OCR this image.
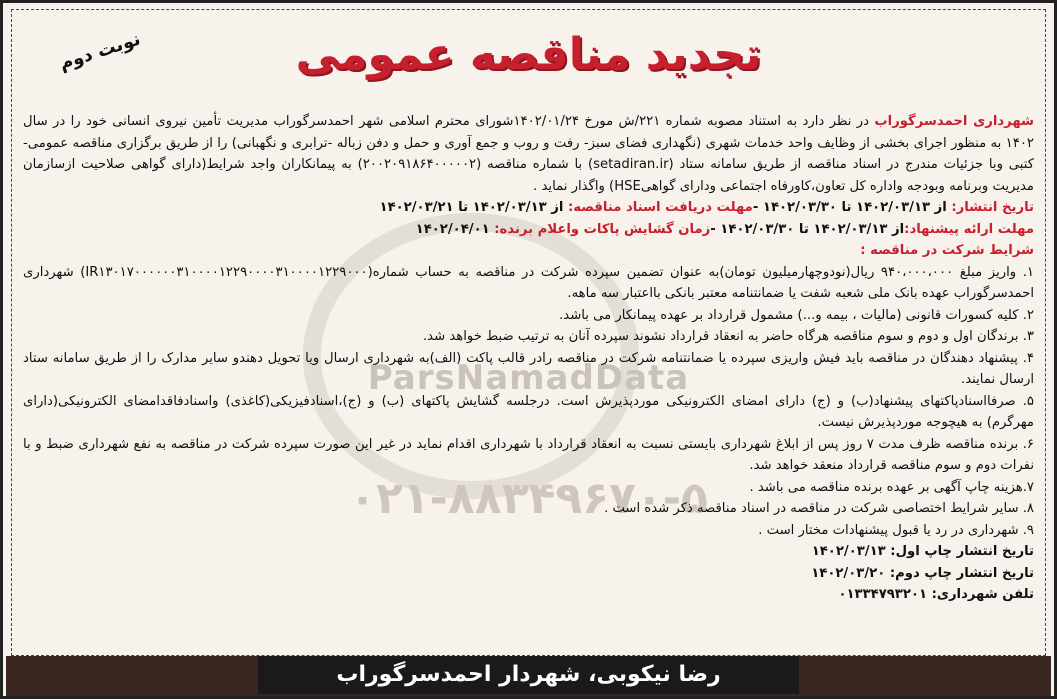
ParsNamadData
۰۲۱-۸۸۳۴۹۶۷۰-۵
نوبت دوم	تجدید مناقصه عمومی

شهرداری احمدسرگوراب در نظر دارد به استناد مصوبه شماره ۲۲۱/ش مورخ ۱۴۰۲/۰۱/۲۴شورای محترم اسلامی شهر احمدسرگوراب مدیریت تأمین نیروی انسانی خود را در سال ۱۴۰۲ به منظور اجرای بخشی از وظایف واحد خدمات شهری (نگهداری فضای سبز- رفت و روب و جمع آوری و حمل و دفن زباله -ترابری و نگهبانی) را از طریق برگزاری مناقصه عمومی-کتبی وبا جزئیات مندرج در اسناد مناقصه از طریق سامانه ستاد (setadiran.ir) با شماره مناقصه (۲۰۰۲۰۹۱۸۶۴۰۰۰۰۰۲) به پیمانکاران واجد شرایط(دارای گواهی صلاحیت ازسازمان مدیریت وبرنامه وبودجه واداره کل تعاون،کاورفاه اجتماعی ودارای گواهیHSE) واگذار نماید .

تاریخ انتشار: از ۱۴۰۲/۰۳/۱۳ تا ۱۴۰۲/۰۳/۳۰ -مهلت دریافت اسناد مناقصه: از ۱۴۰۲/۰۳/۱۳ تا ۱۴۰۲/۰۳/۲۱

مهلت ارائه پیشنهاد:از ۱۴۰۲/۰۳/۱۳ تا ۱۴۰۲/۰۳/۳۰ -زمان گشایش پاکات واعلام برنده: ۱۴۰۲/۰۴/۰۱

شرایط شرکت در مناقصه :

۱. واریز مبلغ ۹۴۰،۰۰۰،۰۰۰ ریال(نودوچهارمیلیون تومان)به عنوان تضمین سپرده شرکت در مناقصه به حساب شماره(IR۱۳۰۱۷۰۰۰۰۰۰۳۱۰۰۰۰۱۲۲۹۰۰۰۰۳۱۰۰۰۰۱۲۲۹۰۰۰) شهرداری احمدسرگوراب عهده بانک ملی شعبه شفت یا ضمانتنامه معتبر بانکی بااعتبار سه ماهه.

۲. کلیه کسورات قانونی (مالیات ، بیمه و...) مشمول قرارداد بر عهده پیمانکار می باشد.

۳. برندگان اول و دوم و سوم مناقصه هرگاه حاضر به انعقاد قرارداد نشوند سپرده آنان به ترتیب ضبط خواهد شد.

۴. پیشنهاد دهندگان در مناقصه باید فیش واریزی سپرده یا ضمانتنامه شرکت در مناقصه رادر قالب پاکت (الف)به شهرداری ارسال ویا تحویل دهندو سایر مدارک را از طریق سامانه ستاد ارسال نمایند.

۵. صرفااسنادپاکتهای پیشنهاد(ب) و (ج) دارای امضای الکترونیکی موردپذیرش است. درجلسه گشایش پاکتهای (ب) و (ج)،اسنادفیزیکی(کاغذی) واسنادفاقدامضای الکترونیکی(دارای مهرگرم) به هیچوجه موردپذیرش نیست.

۶. برنده مناقصه ظرف مدت ۷ روز پس از ابلاغ شهرداری بایستی نسبت به انعقاد قرارداد با شهرداری اقدام نماید در غیر این صورت سپرده شرکت در مناقصه به نفع شهرداری ضبط و با نفرات دوم و سوم مناقصه قرارداد منعقد خواهد شد.

۷.هزینه چاپ آگهی بر عهده برنده مناقصه می باشد .

۸. سایر شرایط اختصاصی شرکت در مناقصه در اسناد مناقصه ذکر شده است .

۹. شهرداری در رد یا قبول پیشنهادات مختار است .

تاریخ انتشار چاپ اول: ۱۴۰۲/۰۳/۱۳

تاریخ انتشار چاپ دوم: ۱۴۰۲/۰۳/۲۰

تلفن شهرداری: ۰۱۳۳۴۷۹۳۲۰۱

رضا نیکوبی، شهردار احمدسرگوراب
